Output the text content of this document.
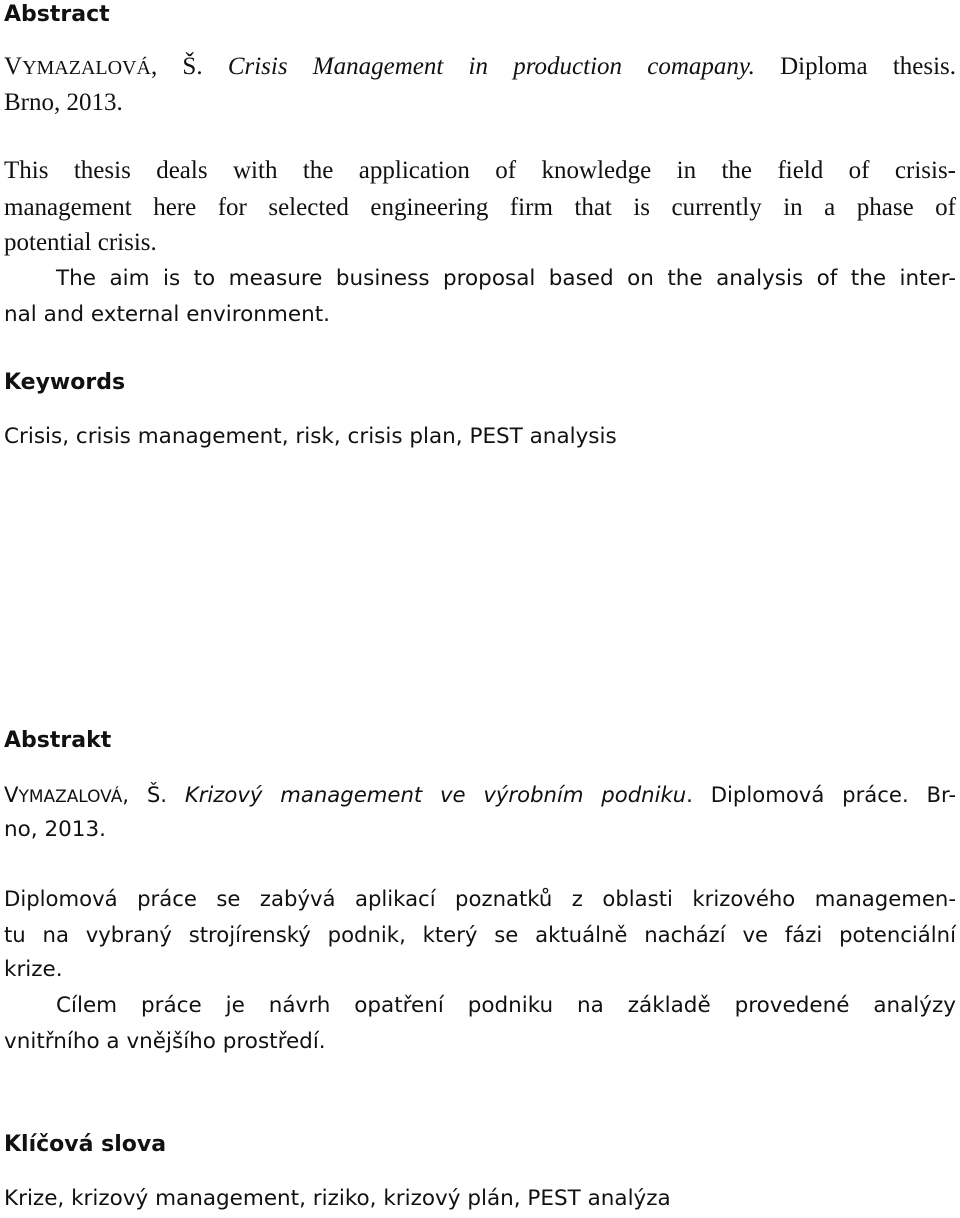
Abstract
VYMAZALOVÁ, Š. Crisis Management in production comapany. Diploma thesis.
Brno, 2013.
This thesis deals with the application of knowledge in the field of crisis-
management here for selected engineering firm that is currently in a phase of
potential crisis.
The aim is to measure business proposal based on the analysis of the inter-
nal and external environment.
Keywords
Crisis, crisis management, risk, crisis plan, PEST analysis
Abstrakt
VYMAZALOVÁ, Š. Krizový management ve výrobním podniku. Diplomová práce. Br-
no, 2013.
Diplomová práce se zabývá aplikací poznatků z oblasti krizového managemen-
tu na vybraný strojírenský podnik, který se aktuálně nachází ve fázi potenciální
krize.
Cílem práce je návrh opatření podniku na základě provedené analýzy
vnitřního a vnějšího prostředí.
Klíčová slova
Krize, krizový management, riziko, krizový plán, PEST analýza
